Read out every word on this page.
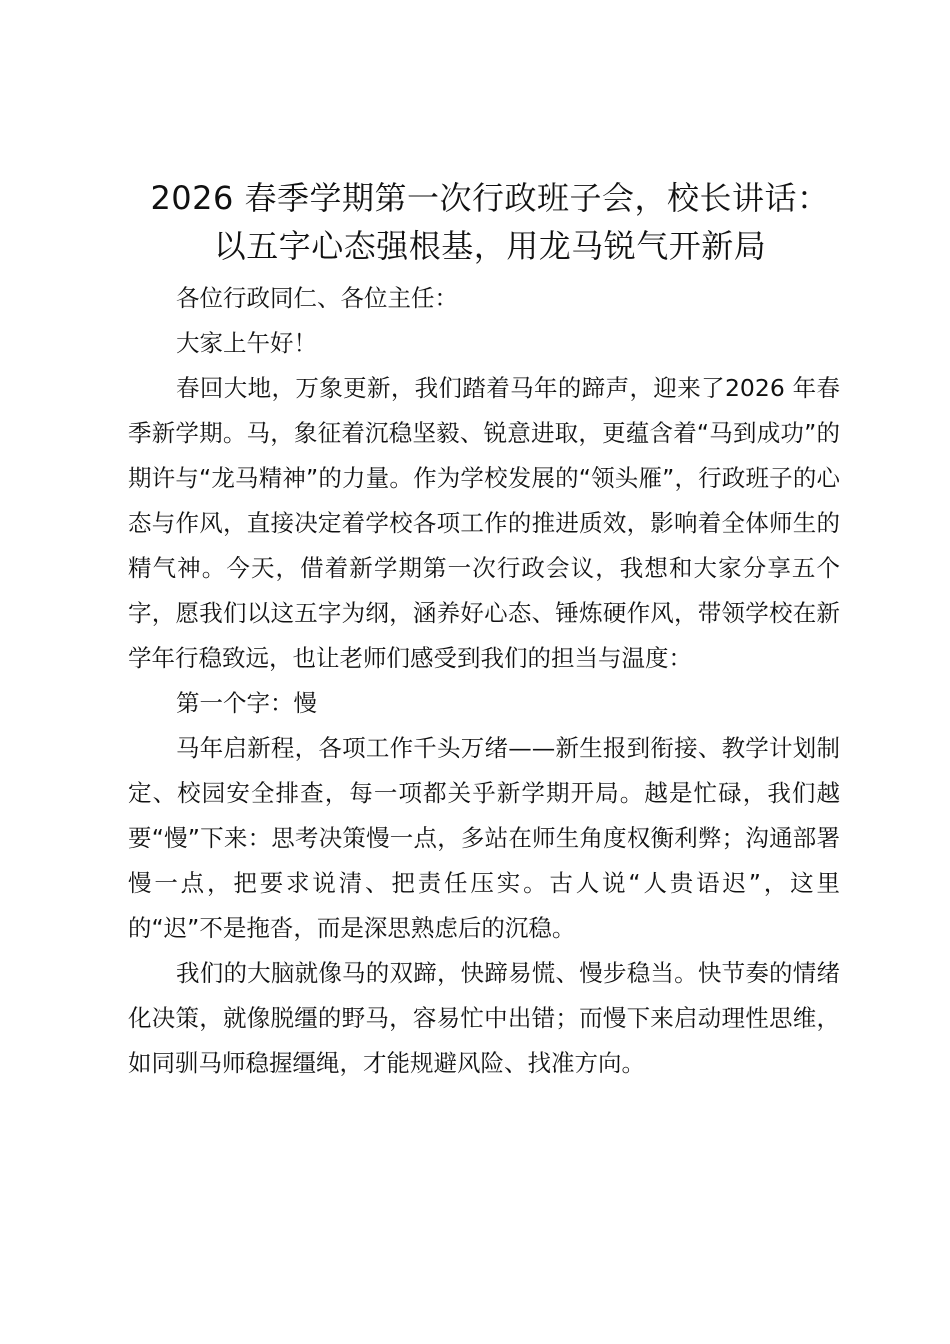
2026 春季学期第一次行政班子会，校长讲话：
以五字心态强根基，用龙马锐气开新局

各位行政同仁、各位主任：

大家上午好！

春回大地，万象更新，我们踏着马年的蹄声，迎来了2026 年春季新学期。马，象征着沉稳坚毅、锐意进取，更蕴含着“马到成功”的期许与“龙马精神”的力量。作为学校发展的“领头雁”，行政班子的心态与作风，直接决定着学校各项工作的推进质效，影响着全体师生的精气神。今天，借着新学期第一次行政会议，我想和大家分享五个字，愿我们以这五字为纲，涵养好心态、锤炼硬作风，带领学校在新学年行稳致远，也让老师们感受到我们的担当与温度：

第一个字：慢

马年启新程，各项工作千头万绪——新生报到衔接、教学计划制定、校园安全排查，每一项都关乎新学期开局。越是忙碌，我们越要“慢”下来：思考决策慢一点，多站在师生角度权衡利弊；沟通部署慢一点，把要求说清、把责任压实。古人说“人贵语迟”，这里的“迟”不是拖沓，而是深思熟虑后的沉稳。

我们的大脑就像马的双蹄，快蹄易慌、慢步稳当。快节奏的情绪化决策，就像脱缰的野马，容易忙中出错；而慢下来启动理性思维，如同驯马师稳握缰绳，才能规避风险、找准方向。
